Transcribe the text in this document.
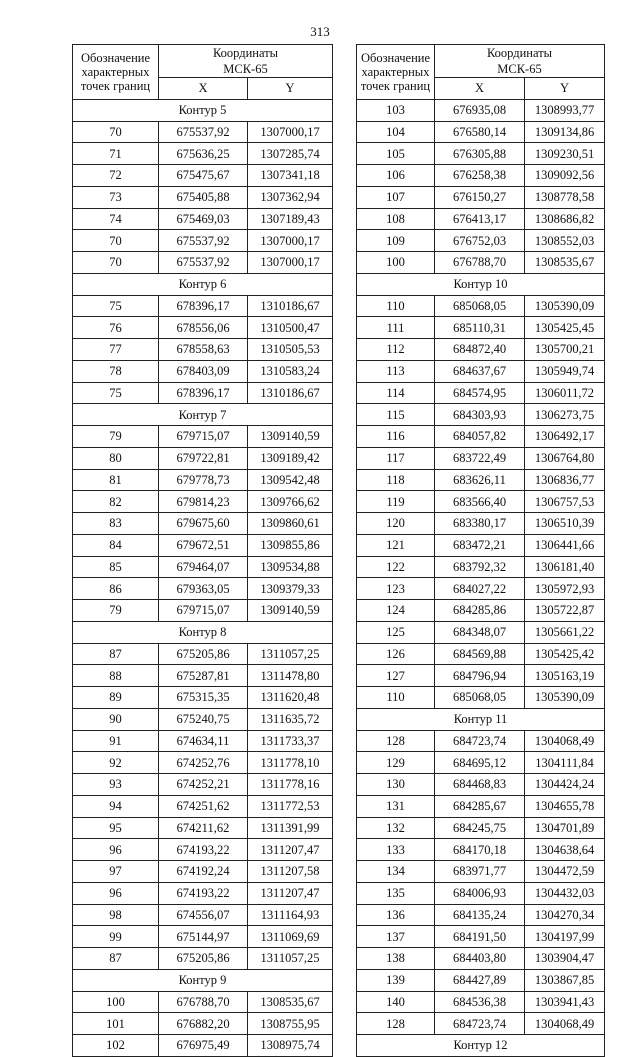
313
Обозначение характерных точек границ	Координаты
МСК-65	
	X	Y
Контур 5		
70	675537,92	1307000,17
71	675636,25	1307285,74
72	675475,67	1307341,18
73	675405,88	1307362,94
74	675469,03	1307189,43
70	675537,92	1307000,17
70	675537,92	1307000,17
Контур 6		
75	678396,17	1310186,67
76	678556,06	1310500,47
77	678558,63	1310505,53
78	678403,09	1310583,24
75	678396,17	1310186,67
Контур 7		
79	679715,07	1309140,59
80	679722,81	1309189,42
81	679778,73	1309542,48
82	679814,23	1309766,62
83	679675,60	1309860,61
84	679672,51	1309855,86
85	679464,07	1309534,88
86	679363,05	1309379,33
79	679715,07	1309140,59
Контур 8		
87	675205,86	1311057,25
88	675287,81	1311478,80
89	675315,35	1311620,48
90	675240,75	1311635,72
91	674634,11	1311733,37
92	674252,76	1311778,10
93	674252,21	1311778,16
94	674251,62	1311772,53
95	674211,62	1311391,99
96	674193,22	1311207,47
97	674192,24	1311207,58
96	674193,22	1311207,47
98	674556,07	1311164,93
99	675144,97	1311069,69
87	675205,86	1311057,25
Контур 9		
100	676788,70	1308535,67
101	676882,20	1308755,95
102	676975,49	1308975,74
Обозначение характерных точек границ	Координаты
МСК-65	
	X	Y
103	676935,08	1308993,77
104	676580,14	1309134,86
105	676305,88	1309230,51
106	676258,38	1309092,56
107	676150,27	1308778,58
108	676413,17	1308686,82
109	676752,03	1308552,03
100	676788,70	1308535,67
Контур 10		
110	685068,05	1305390,09
111	685110,31	1305425,45
112	684872,40	1305700,21
113	684637,67	1305949,74
114	684574,95	1306011,72
115	684303,93	1306273,75
116	684057,82	1306492,17
117	683722,49	1306764,80
118	683626,11	1306836,77
119	683566,40	1306757,53
120	683380,17	1306510,39
121	683472,21	1306441,66
122	683792,32	1306181,40
123	684027,22	1305972,93
124	684285,86	1305722,87
125	684348,07	1305661,22
126	684569,88	1305425,42
127	684796,94	1305163,19
110	685068,05	1305390,09
Контур 11		
128	684723,74	1304068,49
129	684695,12	1304111,84
130	684468,83	1304424,24
131	684285,67	1304655,78
132	684245,75	1304701,89
133	684170,18	1304638,64
134	683971,77	1304472,59
135	684006,93	1304432,03
136	684135,24	1304270,34
137	684191,50	1304197,99
138	684403,80	1303904,47
139	684427,89	1303867,85
140	684536,38	1303941,43
128	684723,74	1304068,49
Контур 12		
